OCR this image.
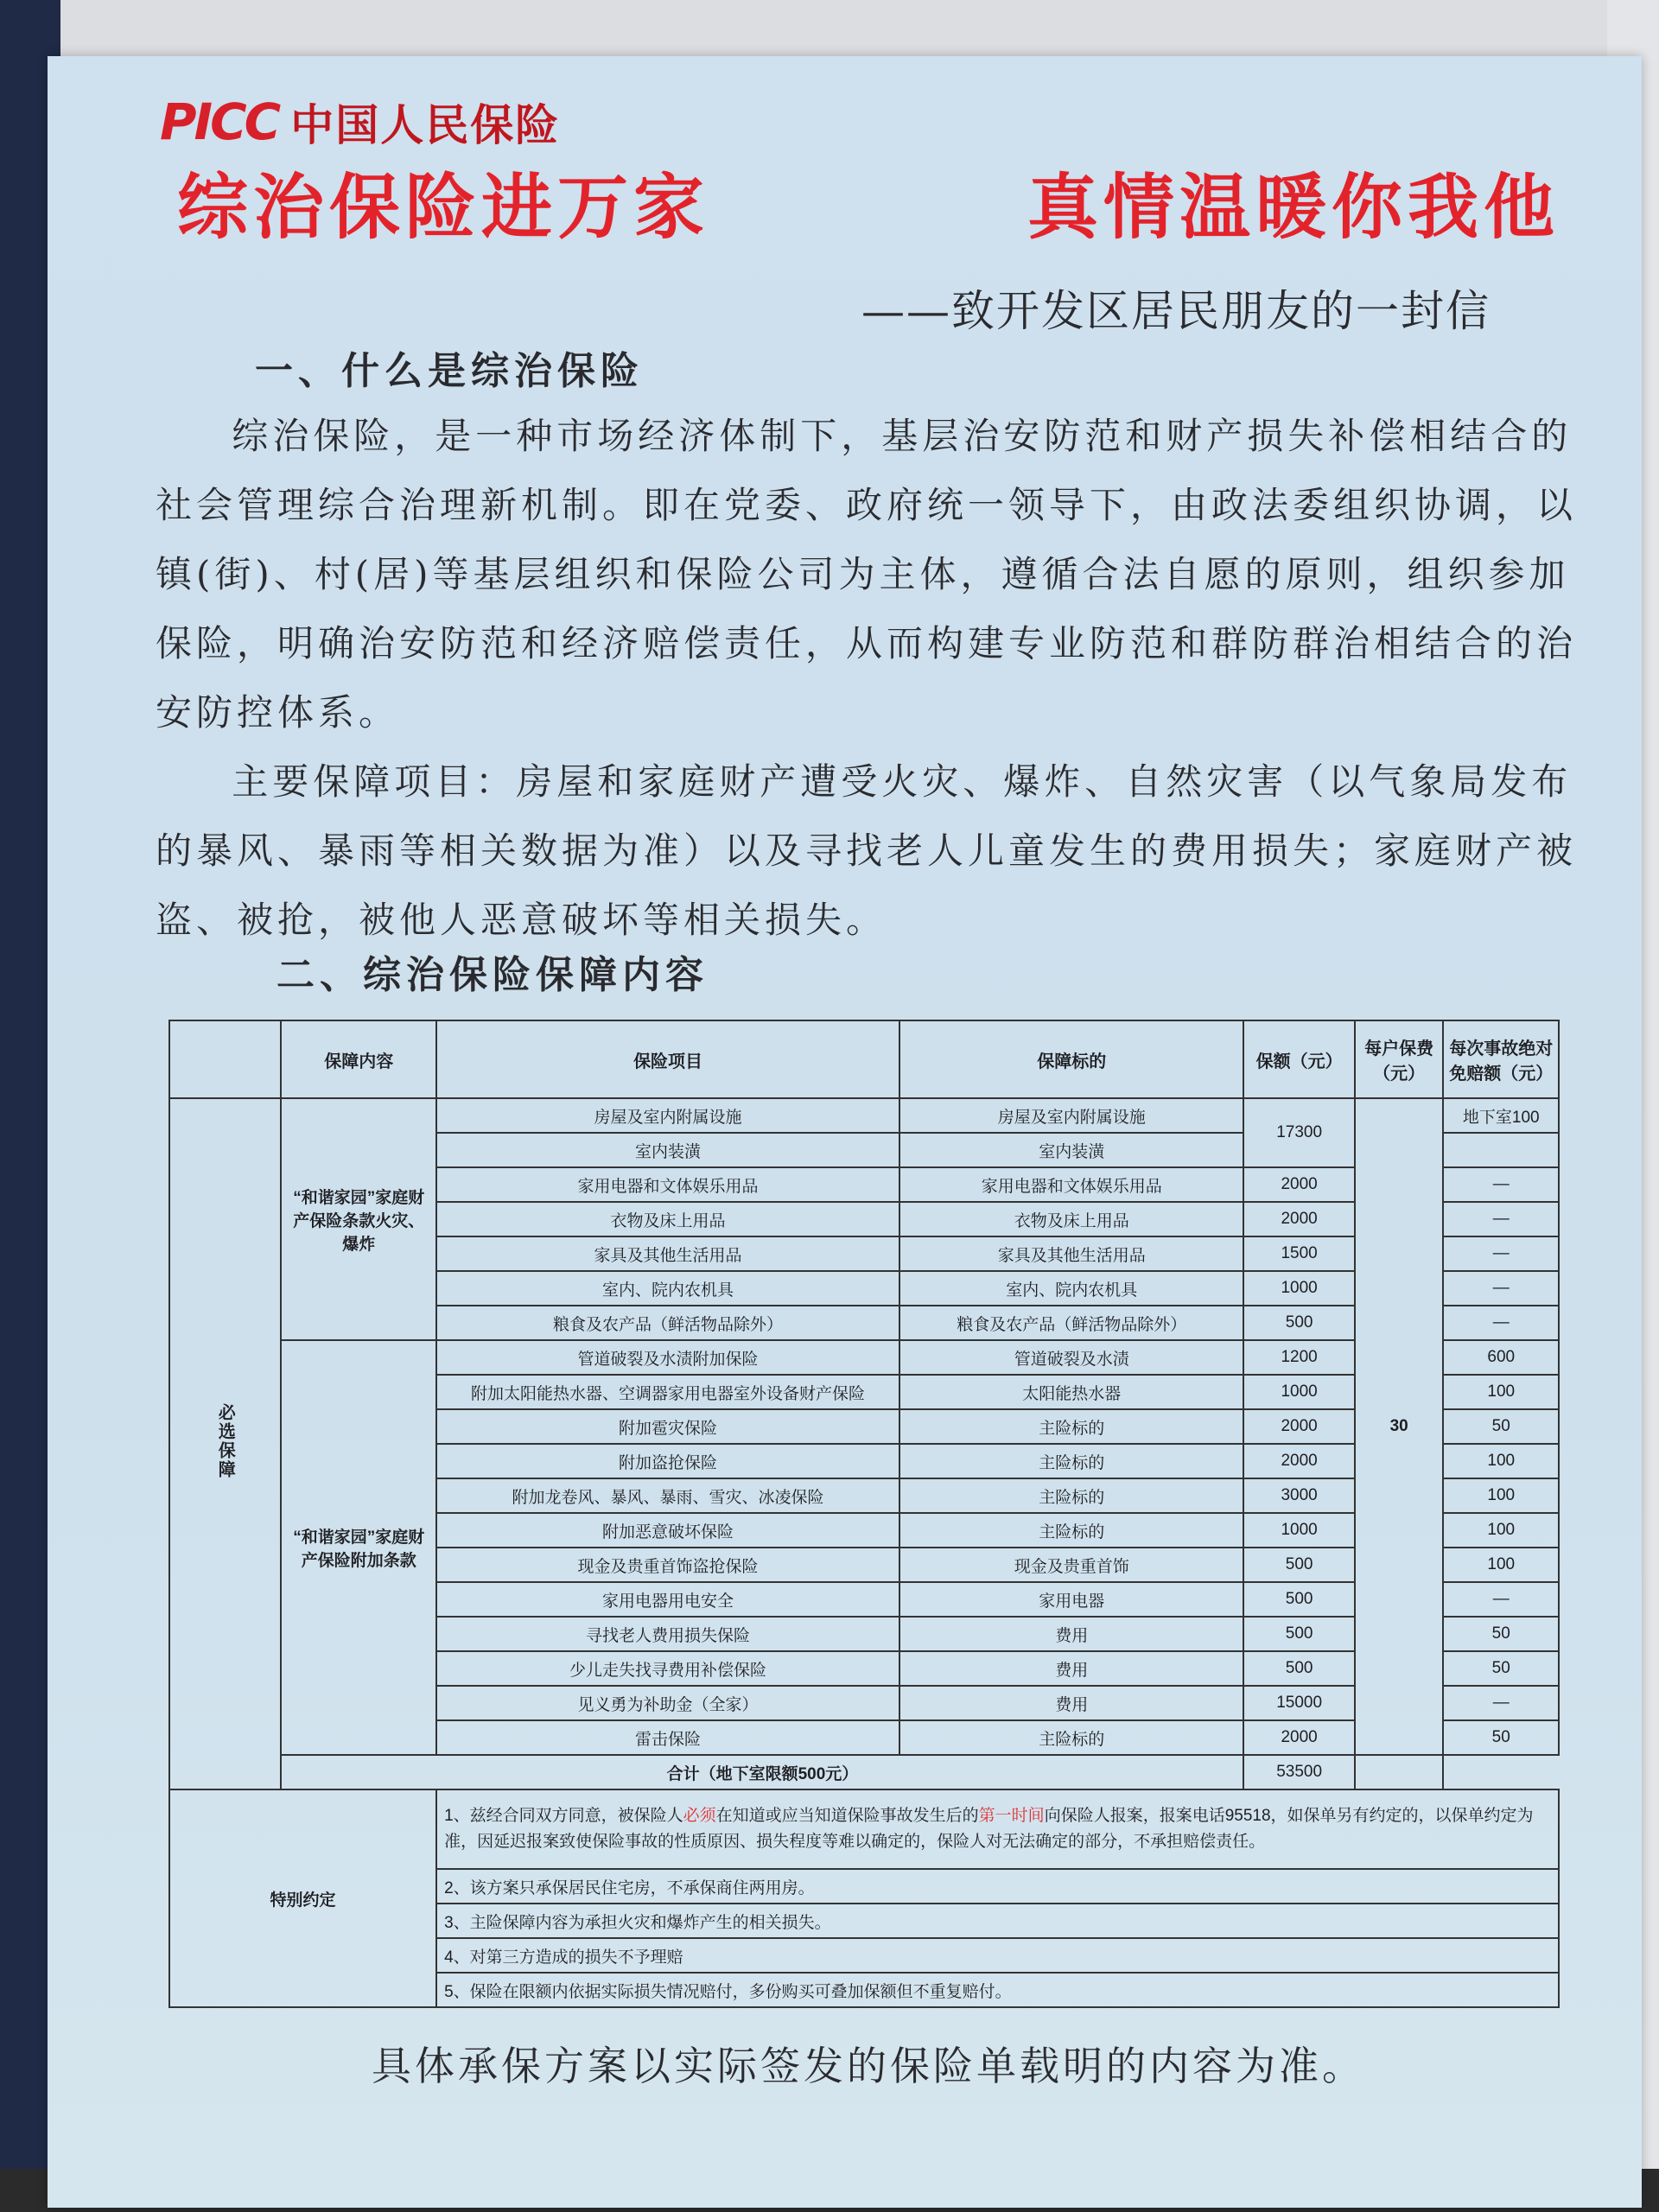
PICC 中国人民保险
综治保险进万家	真情温暖你我他
——致开发区居民朋友的一封信
一、什么是综治保险
综治保险，是一种市场经济体制下，基层治安防范和财产损失补偿相结合的社会管理综合治理新机制。即在党委、政府统一领导下，由政法委组织协调，以镇(街)、村(居)等基层组织和保险公司为主体，遵循合法自愿的原则，组织参加保险，明确治安防范和经济赔偿责任，从而构建专业防范和群防群治相结合的治安防控体系。
主要保障项目：房屋和家庭财产遭受火灾、爆炸、自然灾害（以气象局发布的暴风、暴雨等相关数据为准）以及寻找老人儿童发生的费用损失；家庭财产被盗、被抢，被他人恶意破坏等相关损失。
二、综治保险保障内容
	保障内容	保险项目	保障标的	保额（元）	每户保费（元）	每次事故绝对免赔额（元）
必选保障	“和谐家园”家庭财产保险条款火灾、爆炸	房屋及室内附属设施	房屋及室内附属设施	17300	30	地下室100
		室内装潢	室内装潢			
		家用电器和文体娱乐用品	家用电器和文体娱乐用品	2000		—
		衣物及床上用品	衣物及床上用品	2000		—
		家具及其他生活用品	家具及其他生活用品	1500		—
		室内、院内农机具	室内、院内农机具	1000		—
		粮食及农产品（鲜活物品除外）	粮食及农产品（鲜活物品除外）	500		—
	“和谐家园”家庭财产保险附加条款	管道破裂及水渍附加保险	管道破裂及水渍	1200		600
		附加太阳能热水器、空调器家用电器室外设备财产保险	太阳能热水器	1000		100
		附加雹灾保险	主险标的	2000		50
		附加盗抢保险	主险标的	2000		100
		附加龙卷风、暴风、暴雨、雪灾、冰凌保险	主险标的	3000		100
		附加恶意破坏保险	主险标的	1000		100
		现金及贵重首饰盗抢保险	现金及贵重首饰	500		100
		家用电器用电安全	家用电器	500		—
		寻找老人费用损失保险	费用	500		50
		少儿走失找寻费用补偿保险	费用	500		50
		见义勇为补助金（全家）	费用	15000		—
		雷击保险	主险标的	2000		50
	合计（地下室限额500元）			53500		
特别约定		1、兹经合同双方同意，被保险人必须在知道或应当知道保险事故发生后的第一时间向保险人报案，报案电话95518，如保单另有约定的，以保单约定为准，因延迟报案致使保险事故的性质原因、损失程度等难以确定的，保险人对无法确定的部分，不承担赔偿责任。				
		2、该方案只承保居民住宅房，不承保商住两用房。				
		3、主险保障内容为承担火灾和爆炸产生的相关损失。				
		4、对第三方造成的损失不予理赔				
		5、保险在限额内依据实际损失情况赔付，多份购买可叠加保额但不重复赔付。				
具体承保方案以实际签发的保险单载明的内容为准。
